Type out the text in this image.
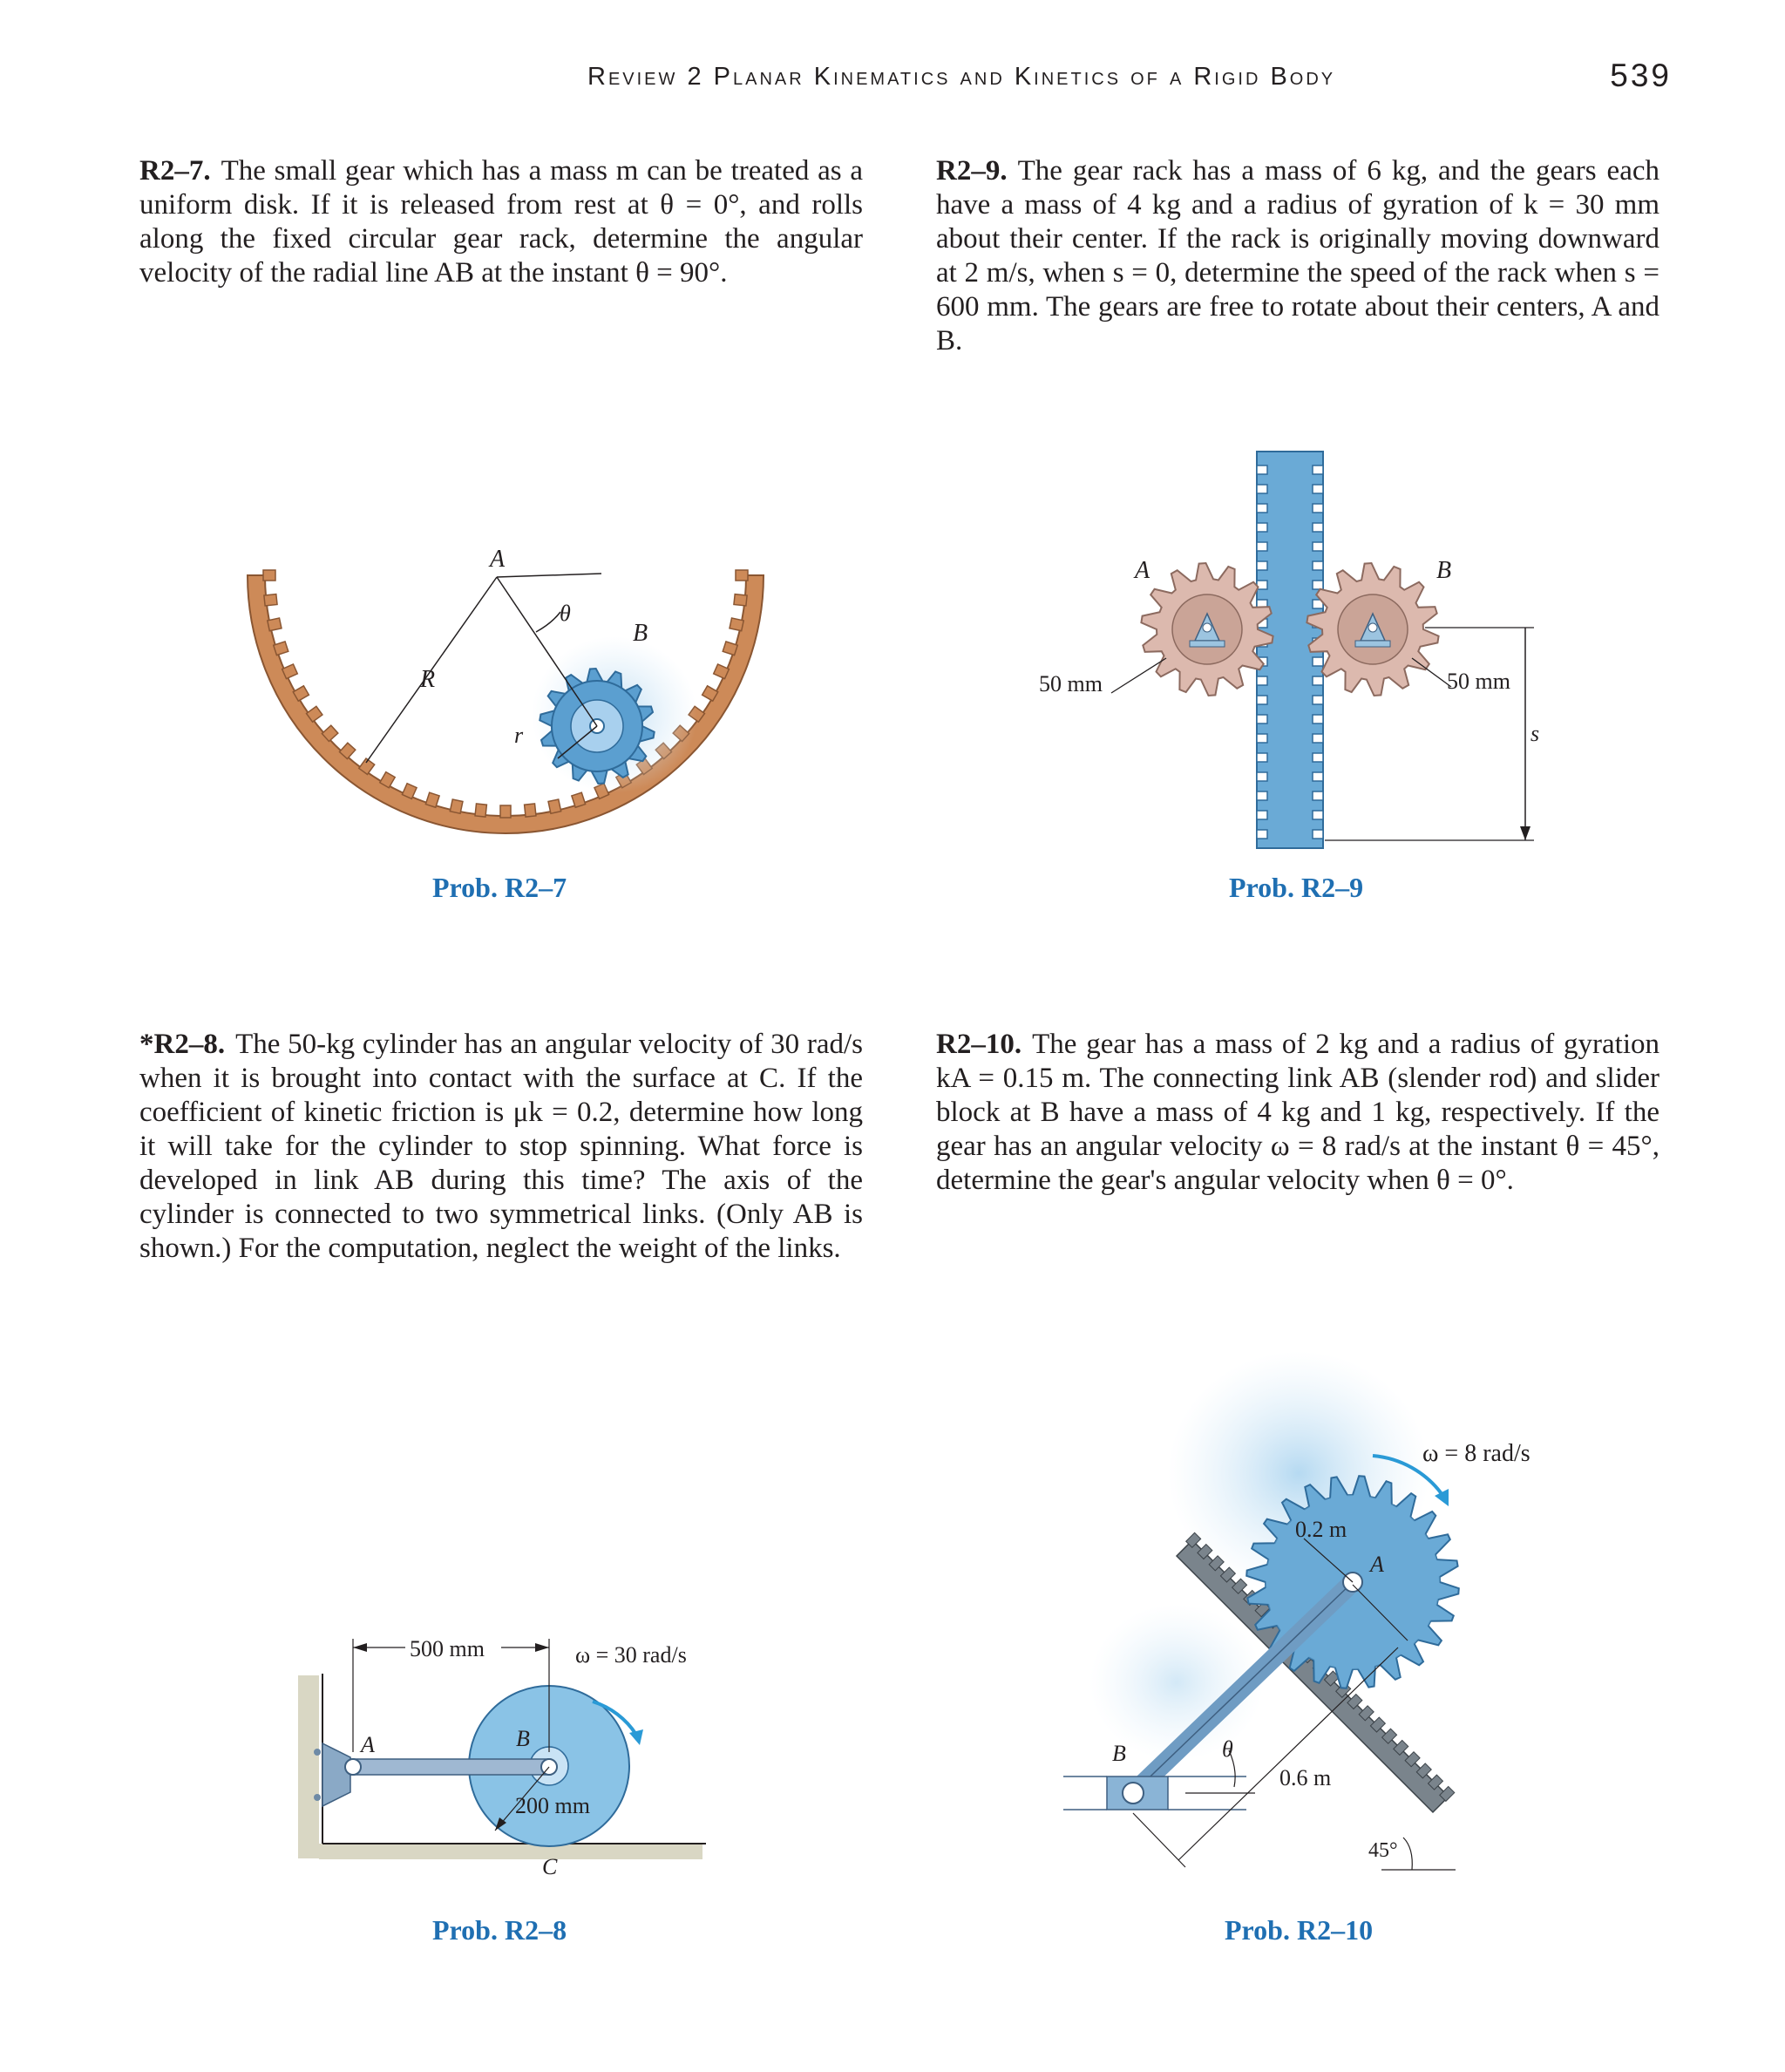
Review 2 Planar Kinematics and Kinetics of a Rigid Body	539
R2–7. The small gear which has a mass m can be treated as a uniform disk. If it is released from rest at θ = 0°, and rolls along the fixed circular gear rack, determine the angular velocity of the radial line AB at the instant θ = 90°.
R2–9. The gear rack has a mass of 6 kg, and the gears each have a mass of 4 kg and a radius of gyration of k = 30 mm about their center. If the rack is originally moving downward at 2 m/s, when s = 0, determine the speed of the rack when s = 600 mm. The gears are free to rotate about their centers, A and B.
*R2–8. The 50-kg cylinder has an angular velocity of 30 rad/s when it is brought into contact with the surface at C. If the coefficient of kinetic friction is μk = 0.2, determine how long it will take for the cylinder to stop spinning. What force is developed in link AB during this time? The axis of the cylinder is connected to two symmetrical links. (Only AB is shown.) For the computation, neglect the weight of the links.
R2–10. The gear has a mass of 2 kg and a radius of gyration kA = 0.15 m. The connecting link AB (slender rod) and slider block at B have a mass of 4 kg and 1 kg, respectively. If the gear has an angular velocity ω = 8 rad/s at the instant θ = 45°, determine the gear's angular velocity when θ = 0°.
A
B
R
r
θ
Prob. R2–7
A	B
50 mm	50 mm
s
Prob. R2–9
500 mm	ω = 30 rad/s
A	B
200 mm
C
Prob. R2–8
ω = 8 rad/s
0.2 m
A
B	θ
0.6 m
45°
Prob. R2–10
